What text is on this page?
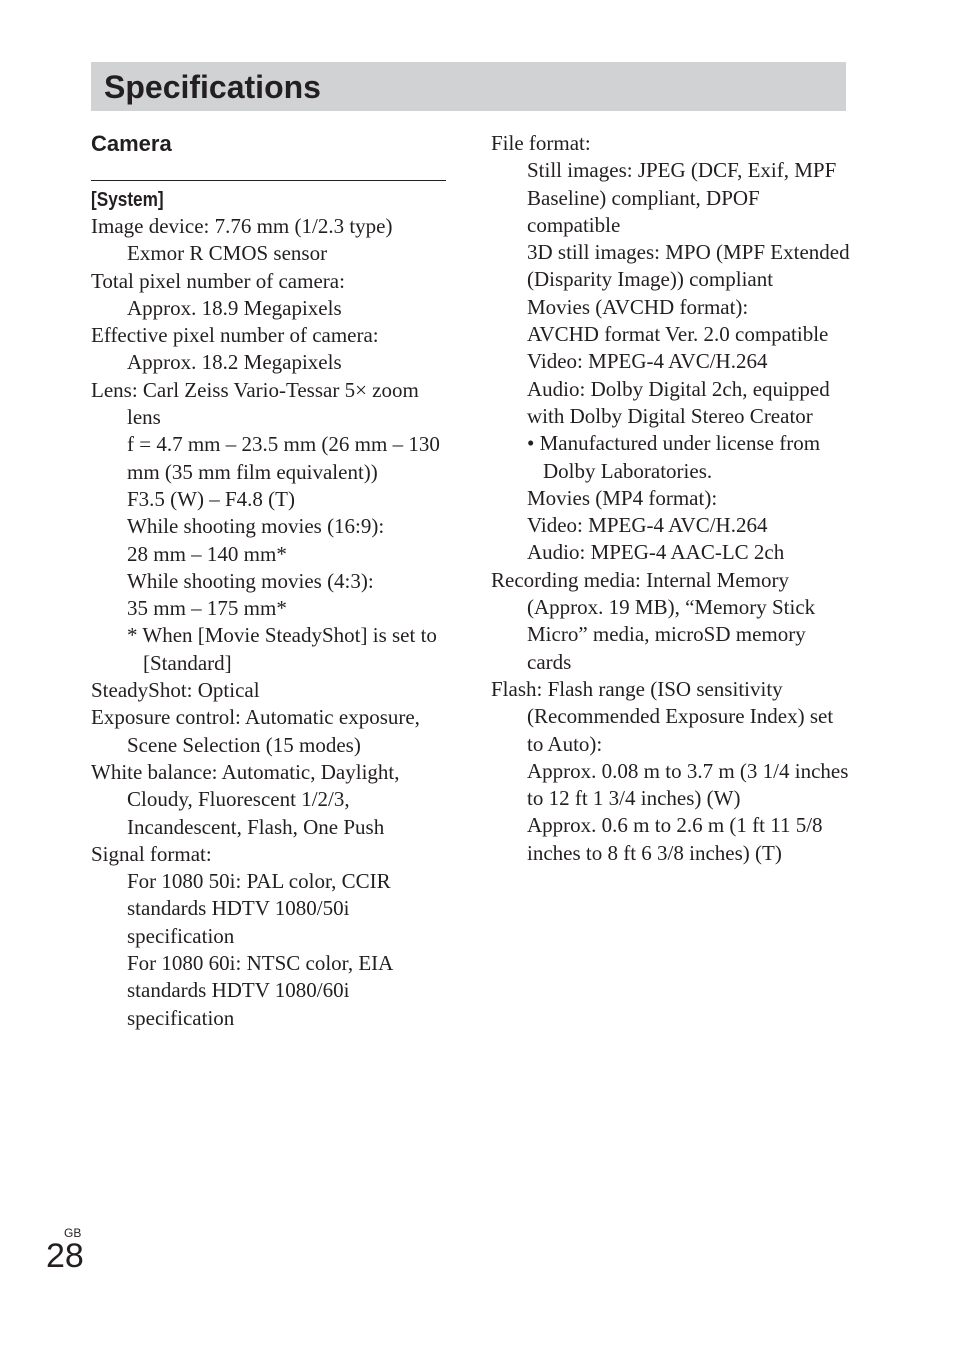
Specifications
Camera
[System]

Image device: 7.76 mm (1/2.3 type)

Exmor R CMOS sensor

Total pixel number of camera:

Approx. 18.9 Megapixels

Effective pixel number of camera:

Approx. 18.2 Megapixels

Lens: Carl Zeiss Vario-Tessar 5× zoom lens

f = 4.7 mm – 23.5 mm (26 mm – 130 mm (35 mm film equivalent))

F3.5 (W) – F4.8 (T)

While shooting movies (16:9):

28 mm – 140 mm*

While shooting movies (4:3):

35 mm – 175 mm*

* When [Movie SteadyShot] is set to [Standard]

SteadyShot: Optical

Exposure control: Automatic exposure, Scene Selection (15 modes)

White balance: Automatic, Daylight, Cloudy, Fluorescent 1/2/3, Incandescent, Flash, One Push

Signal format:

For 1080 50i: PAL color, CCIR standards HDTV 1080/50i specification

For 1080 60i: NTSC color, EIA standards HDTV 1080/60i specification

File format:

Still images: JPEG (DCF, Exif, MPF Baseline) compliant, DPOF compatible

3D still images: MPO (MPF Extended (Disparity Image)) compliant

Movies (AVCHD format):

AVCHD format Ver. 2.0 compatible

Video: MPEG-4 AVC/H.264

Audio: Dolby Digital 2ch, equipped with Dolby Digital Stereo Creator

• Manufactured under license from Dolby Laboratories.

Movies (MP4 format):

Video: MPEG-4 AVC/H.264

Audio: MPEG-4 AAC-LC 2ch

Recording media: Internal Memory (Approx. 19 MB), “Memory Stick Micro” media, microSD memory cards

Flash: Flash range (ISO sensitivity (Recommended Exposure Index) set to Auto):

Approx. 0.08 m to 3.7 m (3 1/4 inches to 12 ft 1 3/4 inches) (W)

Approx. 0.6 m to 2.6 m (1 ft 11 5/8 inches to 8 ft 6 3/8 inches) (T)

GB
28
